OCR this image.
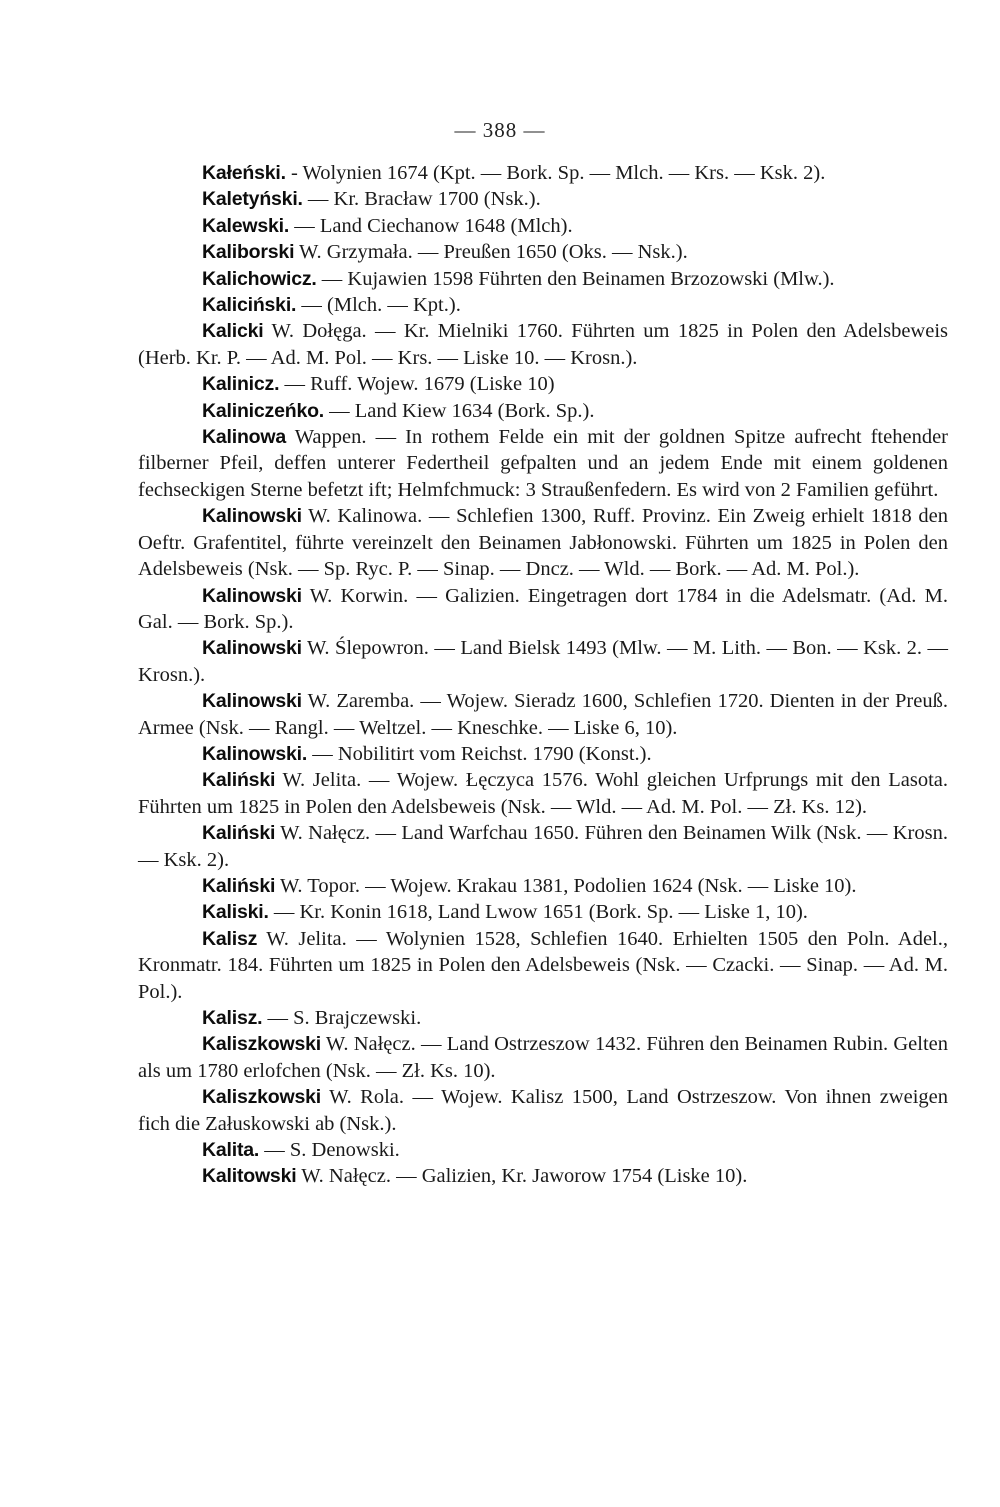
— 388 —

Kałeński. - Wolynien 1674 (Kpt. — Bork. Sp. — Mlch. — Krs. — Ksk. 2).

Kaletyński. — Kr. Bracław 1700 (Nsk.).

Kalewski. — Land Ciechanow 1648 (Mlch).

Kaliborski W. Grzymała. — Preußen 1650 (Oks. — Nsk.).

Kalichowicz. — Kujawien 1598 Führten den Beinamen Brzozowski (Mlw.).

Kaliciński. — (Mlch. — Kpt.).

Kalicki W. Dołęga. — Kr. Mielniki 1760. Führten um 1825 in Polen den Adelsbeweis (Herb. Kr. P. — Ad. M. Pol. — Krs. — Liske 10. — Krosn.).

Kalinicz. — Ruff. Wojew. 1679 (Liske 10)

Kaliniczeńko. — Land Kiew 1634 (Bork. Sp.).

Kalinowa Wappen. — In rothem Felde ein mit der goldnen Spitze aufrecht ftehender filberner Pfeil, deffen unterer Federtheil gefpalten und an jedem Ende mit einem goldenen fechseckigen Sterne befetzt ift; Helmfchmuck: 3 Straußenfedern. Es wird von 2 Familien geführt.

Kalinowski W. Kalinowa. — Schlefien 1300, Ruff. Provinz. Ein Zweig erhielt 1818 den Oeftr. Grafentitel, führte vereinzelt den Beinamen Jabłonowski. Führten um 1825 in Polen den Adelsbeweis (Nsk. — Sp. Ryc. P. — Sinap. — Dncz. — Wld. — Bork. — Ad. M. Pol.).

Kalinowski W. Korwin. — Galizien. Eingetragen dort 1784 in die Adelsmatr. (Ad. M. Gal. — Bork. Sp.).

Kalinowski W. Ślepowron. — Land Bielsk 1493 (Mlw. — M. Lith. — Bon. — Ksk. 2. — Krosn.).

Kalinowski W. Zaremba. — Wojew. Sieradz 1600, Schlefien 1720. Dienten in der Preuß. Armee (Nsk. — Rangl. — Weltzel. — Kneschke. — Liske 6, 10).

Kalinowski. — Nobilitirt vom Reichst. 1790 (Konst.).

Kaliński W. Jelita. — Wojew. Łęczyca 1576. Wohl gleichen Urfprungs mit den Lasota. Führten um 1825 in Polen den Adelsbeweis (Nsk. — Wld. — Ad. M. Pol. — Zł. Ks. 12).

Kaliński W. Nałęcz. — Land Warfchau 1650. Führen den Beinamen Wilk (Nsk. — Krosn. — Ksk. 2).

Kaliński W. Topor. — Wojew. Krakau 1381, Podolien 1624 (Nsk. — Liske 10).

Kaliski. — Kr. Konin 1618, Land Lwow 1651 (Bork. Sp. — Liske 1, 10).

Kalisz W. Jelita. — Wolynien 1528, Schlefien 1640. Erhielten 1505 den Poln. Adel., Kronmatr. 184. Führten um 1825 in Polen den Adelsbeweis (Nsk. — Czacki. — Sinap. — Ad. M. Pol.).

Kalisz. — S. Brajczewski.

Kaliszkowski W. Nałęcz. — Land Ostrzeszow 1432. Führen den Beinamen Rubin. Gelten als um 1780 erlofchen (Nsk. — Zł. Ks. 10).

Kaliszkowski W. Rola. — Wojew. Kalisz 1500, Land Ostrzeszow. Von ihnen zweigen fich die Załuskowski ab (Nsk.).

Kalita. — S. Denowski.

Kalitowski W. Nałęcz. — Galizien, Kr. Jaworow 1754 (Liske 10).
